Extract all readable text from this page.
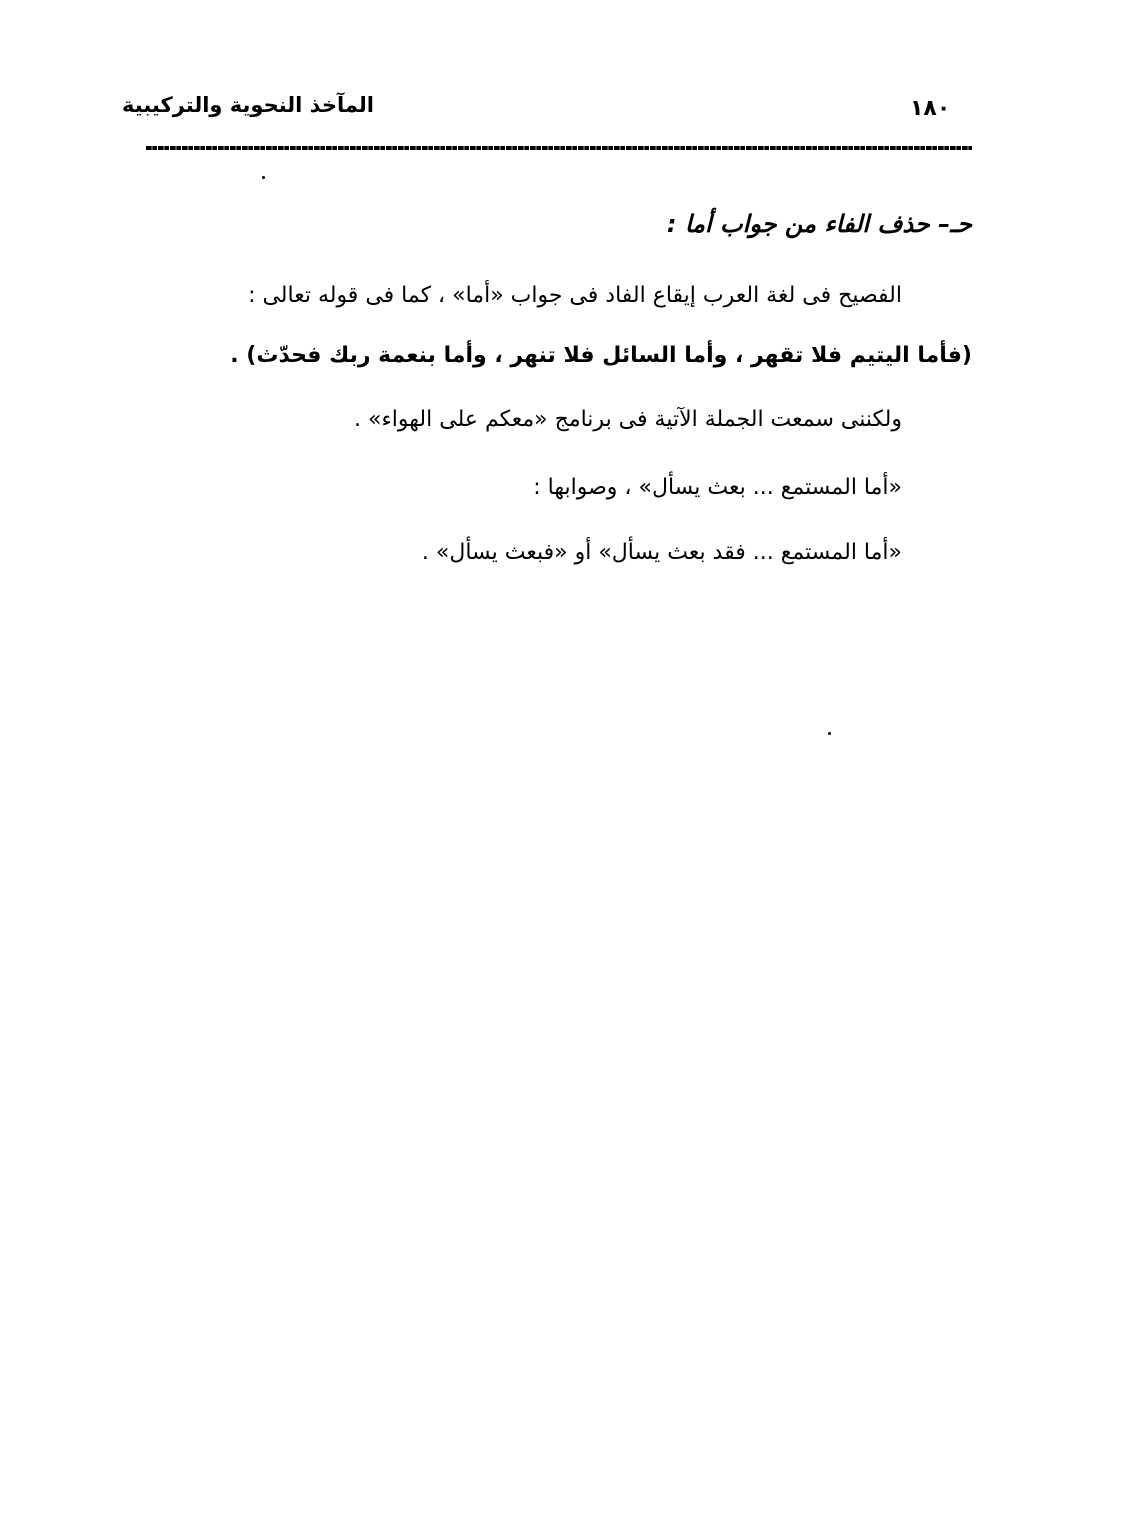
المآخذ النحوية والتركيبية	١٨٠
حـ– حذف الفاء من جواب أما :
الفصيح فى لغة العرب إيقاع الفاد فى جواب «أما» ، كما فى قوله تعالى :
(فأما اليتيم فلا تقهر ، وأما السائل فلا تنهر ، وأما بنعمة ربك فحدّث) .
ولكننى سمعت الجملة الآتية فى برنامج «معكم على الهواء» .
«أما المستمع ... بعث يسأل» ، وصوابها :
«أما المستمع ... فقد بعث يسأل» أو «فبعث يسأل» .
